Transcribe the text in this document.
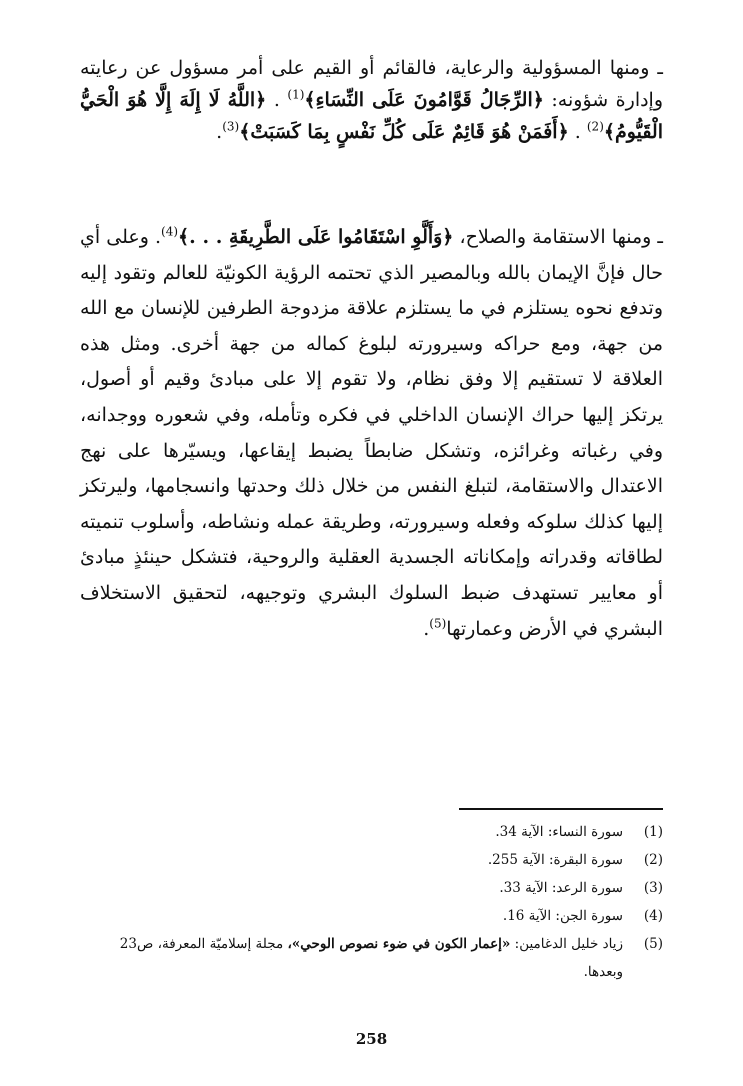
ـ ومنها المسؤولية والرعاية، فالقائم أو القيم على أمر مسؤول عن رعايته وإدارة شؤونه: ﴿الرِّجَالُ قَوَّامُونَ عَلَى النِّسَاءِ﴾$^{(1)}$ . ﴿اللَّهُ لَا إِلَهَ إِلَّا هُوَ الْحَيُّ الْقَيُّومُ﴾$^{(2)}$ . ﴿أَفَمَنْ هُوَ قَائِمٌ عَلَى كُلِّ نَفْسٍ بِمَا كَسَبَتْ﴾$^{(3)}$.
ـ ومنها الاستقامة والصلاح، ﴿وَأَلَّوِ اسْتَقَامُوا عَلَى الطَّرِيقَةِ . . .﴾$^{(4)}$. وعلى أي حال فإنَّ الإيمان بالله وبالمصير الذي تحتمه الرؤية الكونيّة للعالم وتقود إليه وتدفع نحوه يستلزم في ما يستلزم علاقة مزدوجة الطرفين للإنسان مع الله من جهة، ومع حراكه وسيرورته لبلوغ كماله من جهة أخرى. ومثل هذه العلاقة لا تستقيم إلا وفق نظام، ولا تقوم إلا على مبادئ وقيم أو أصول، يرتكز إليها حراك الإنسان الداخلي في فكره وتأمله، وفي شعوره ووجدانه، وفي رغباته وغرائزه، وتشكل ضابطاً يضبط إيقاعها، ويسيّرها على نهج الاعتدال والاستقامة، لتبلغ النفس من خلال ذلك وحدتها وانسجامها، وليرتكز إليها كذلك سلوكه وفعله وسيرورته، وطريقة عمله ونشاطه، وأسلوب تنميته لطاقاته وقدراته وإمكاناته الجسدية العقلية والروحية، فتشكل حينئذٍ مبادئ أو معايير تستهدف ضبط السلوك البشري وتوجيهه، لتحقيق الاستخلاف البشري في الأرض وعمارتها$^{(5)}$.
(1)
سورة النساء: الآية 34.
(2)
سورة البقرة: الآية 255.
(3)
سورة الرعد: الآية 33.
(4)
سورة الجن: الآية 16.
(5)
زياد خليل الدغامين: «إعمار الكون في ضوء نصوص الوحي»، مجلة إسلاميّة المعرفة، ص23 وبعدها.
258
